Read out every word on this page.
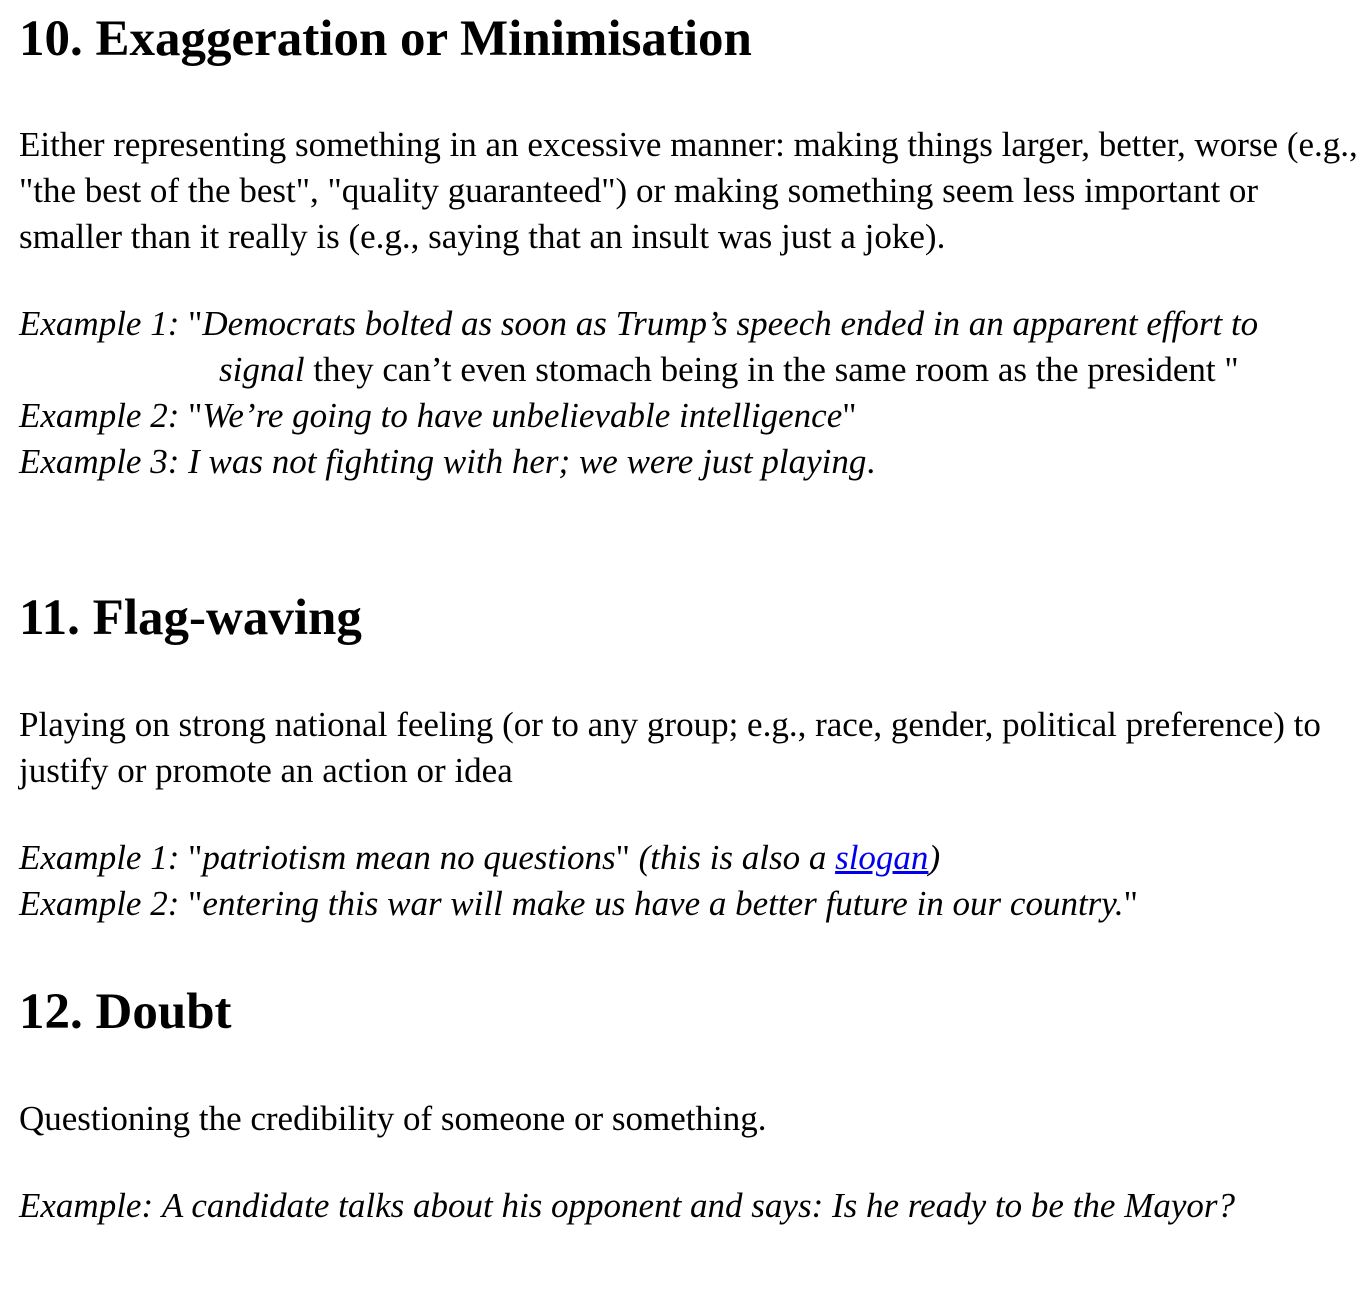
10. Exaggeration or Minimisation

Either representing something in an excessive manner: making things larger, better, worse (e.g., "the best of the best", "quality guaranteed") or making something seem less important or smaller than it really is (e.g., saying that an insult was just a joke).

Example 1: "Democrats bolted as soon as Trump’s speech ended in an apparent effort to signal they can’t even stomach being in the same room as the president "

Example 2: "We’re going to have unbelievable intelligence"

Example 3: I was not fighting with her; we were just playing.

11. Flag-waving

Playing on strong national feeling (or to any group; e.g., race, gender, political preference) to justify or promote an action or idea

Example 1: "patriotism mean no questions" (this is also a slogan)

Example 2: "entering this war will make us have a better future in our country."

12. Doubt

Questioning the credibility of someone or something.

Example: A candidate talks about his opponent and says: Is he ready to be the Mayor?
